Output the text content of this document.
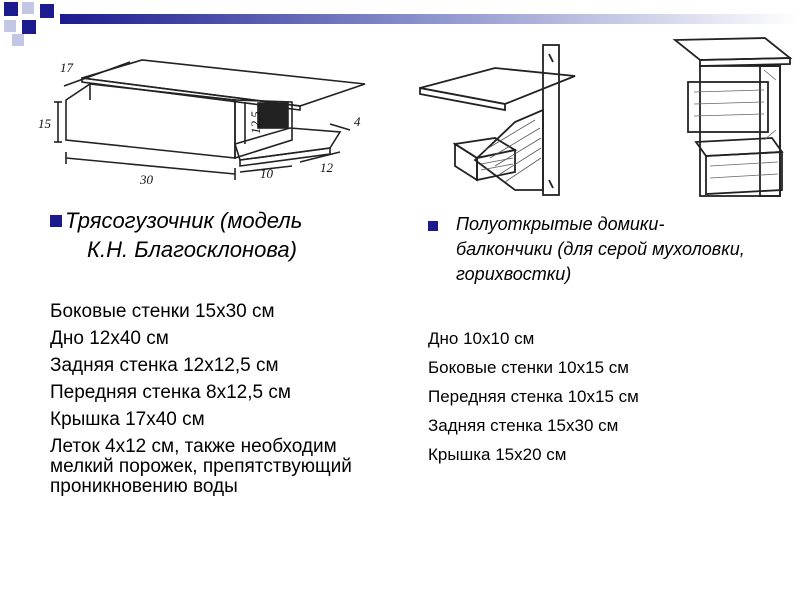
17
15
30	10	12
4
12,5
Трясогузочник (модель
К.Н. Благосклонова)
Боковые стенки 15х30 см
Дно 12х40 см
Задняя стенка 12х12,5 см
Передняя стенка 8х12,5 см
Крышка 17х40 см
Леток 4х12 см, также необходим мелкий порожек, препятствующий проникновению воды
Полуоткрытые домики-балкончики (для серой мухоловки, горихвостки)
Дно 10х10 см
Боковые стенки 10х15 см
Передняя стенка 10х15 см
Задняя стенка 15х30 см
Крышка 15х20 см
